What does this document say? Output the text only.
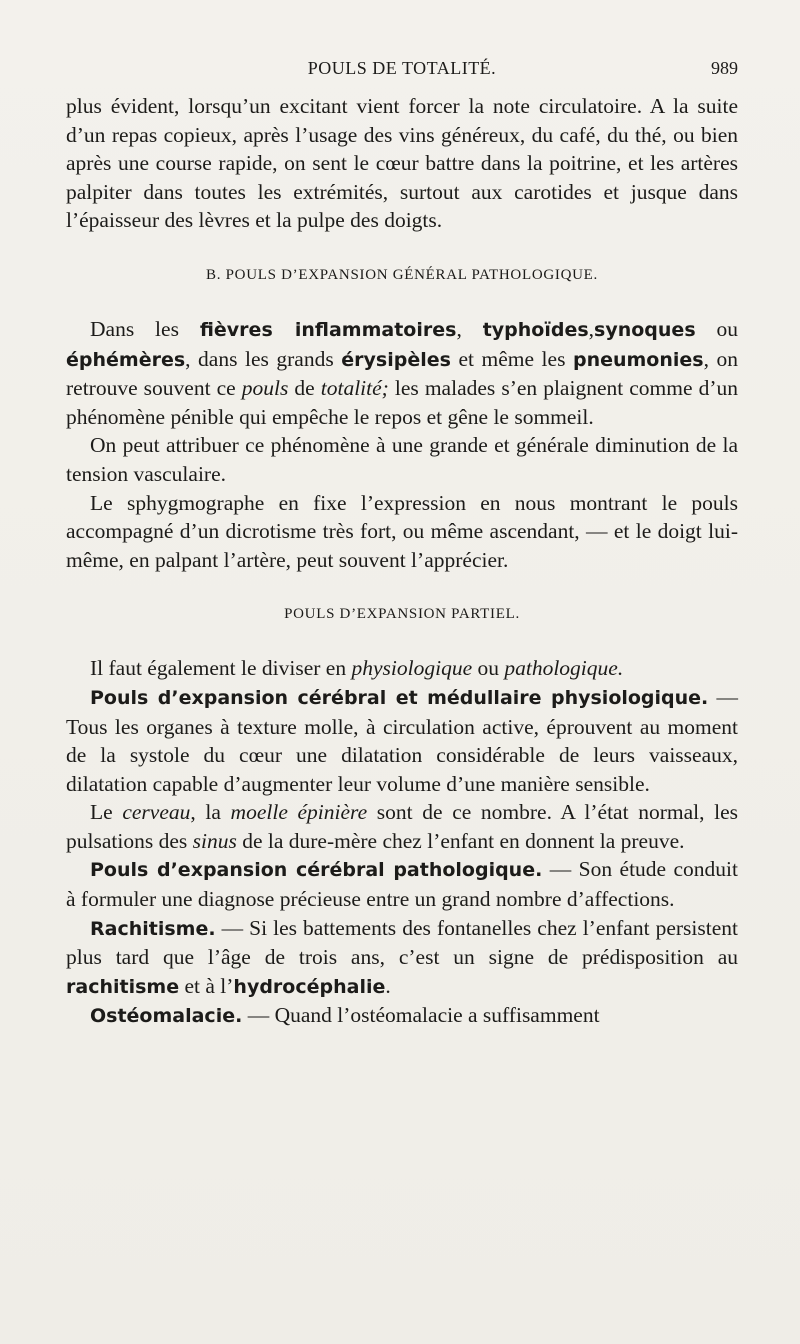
POULS DE TOTALITÉ.	989

plus évident, lorsqu’un excitant vient forcer la note circulatoire. A la suite d’un repas copieux, après l’usage des vins généreux, du café, du thé, ou bien après une course rapide, on sent le cœur battre dans la poitrine, et les artères palpiter dans toutes les extrémités, surtout aux carotides et jusque dans l’épaisseur des lèvres et la pulpe des doigts.

B. POULS D’EXPANSION GÉNÉRAL PATHOLOGIQUE.

Dans les fièvres inflammatoires, typhoïdes,synoques ou éphémères, dans les grands érysipèles et même les pneumonies, on retrouve souvent ce pouls de totalité; les malades s’en plaignent comme d’un phénomène pénible qui empêche le repos et gêne le sommeil.

On peut attribuer ce phénomène à une grande et générale diminution de la tension vasculaire.

Le sphygmographe en fixe l’expression en nous montrant le pouls accompagné d’un dicrotisme très fort, ou même ascendant, — et le doigt lui-même, en palpant l’artère, peut souvent l’apprécier.

POULS D’EXPANSION PARTIEL.

Il faut également le diviser en physiologique ou pathologique.

Pouls d’expansion cérébral et médullaire physiologique. — Tous les organes à texture molle, à circulation active, éprouvent au moment de la systole du cœur une dilatation considérable de leurs vaisseaux, dilatation capable d’augmenter leur volume d’une manière sensible.

Le cerveau, la moelle épinière sont de ce nombre. A l’état normal, les pulsations des sinus de la dure-mère chez l’enfant en donnent la preuve.

Pouls d’expansion cérébral pathologique. — Son étude conduit à formuler une diagnose précieuse entre un grand nombre d’affections.

Rachitisme. — Si les battements des fontanelles chez l’enfant persistent plus tard que l’âge de trois ans, c’est un signe de prédisposition au rachitisme et à l’hydrocéphalie.

Ostéomalacie. — Quand l’ostéomalacie a suffisamment
